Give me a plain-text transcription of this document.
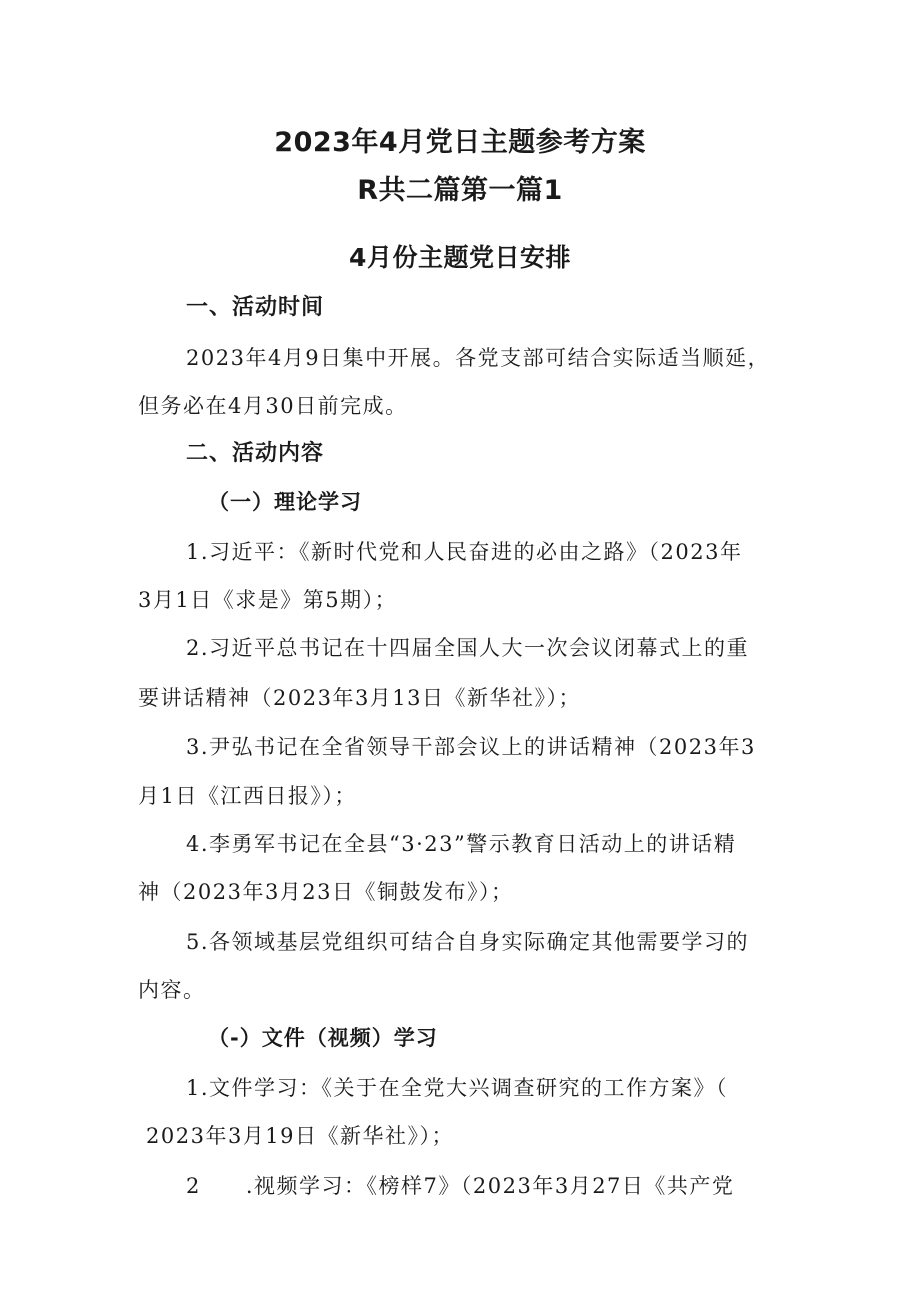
2023年4月党日主题参考方案
R共二篇第一篇1
4月份主题党日安排
一、活动时间
2023年4月9日集中开展。各党支部可结合实际适当顺延，
但务必在4月30日前完成。
二、活动内容
（一）理论学习
1.习近平：《新时代党和人民奋进的必由之路》（2023年
3月1日《求是》第5期）；
2.习近平总书记在十四届全国人大一次会议闭幕式上的重
要讲话精神（2023年3月13日《新华社》）；
3.尹弘书记在全省领导干部会议上的讲话精神（2023年3
月1日《江西日报》）；
4.李勇军书记在全县“3·23”警示教育日活动上的讲话精
神（2023年3月23日《铜鼓发布》）；
5.各领域基层党组织可结合自身实际确定其他需要学习的
内容。
（-）文件（视频）学习
1.文件学习：《关于在全党大兴调查研究的工作方案》（
2023年3月19日《新华社》）；
2　　.视频学习：《榜样7》（2023年3月27日《共产党
